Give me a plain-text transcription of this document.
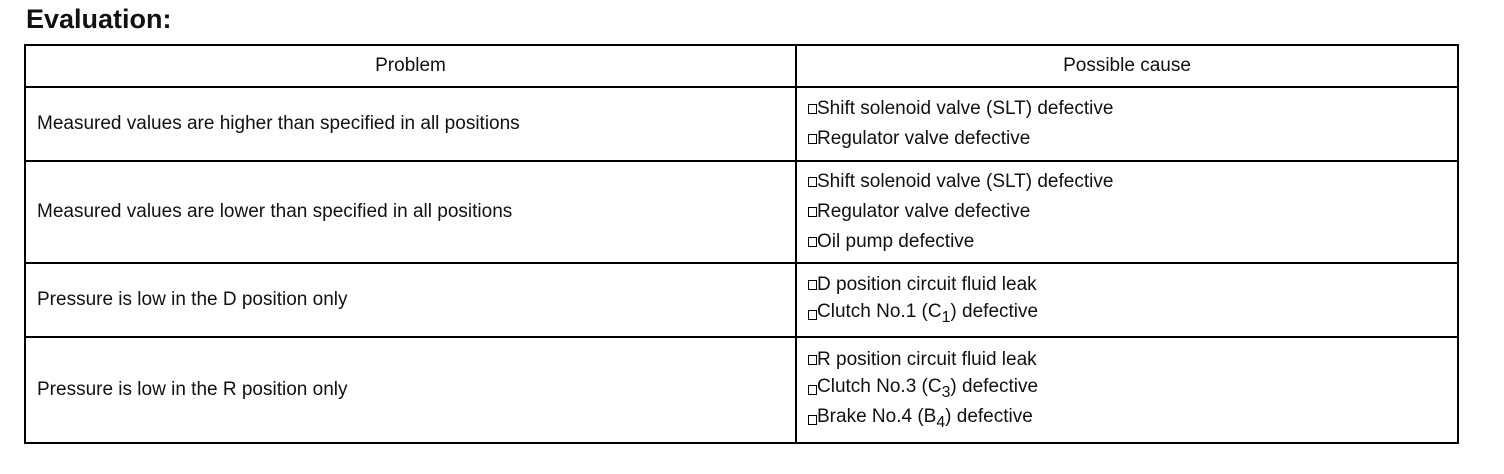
Evaluation:
Problem	Possible cause
Measured values are higher than specified in all positions	Shift solenoid valve (SLT) defective
Regulator valve defective

Measured values are lower than specified in all positions	Shift solenoid valve (SLT) defective
Regulator valve defective
Oil pump defective

Pressure is low in the D position only	D position circuit fluid leak
Clutch No.1 $(C_1)$ defective

Pressure is low in the R position only	R position circuit fluid leak
Clutch No.3 $(C_3)$ defective
Brake No.4 $(B_4)$ defective
